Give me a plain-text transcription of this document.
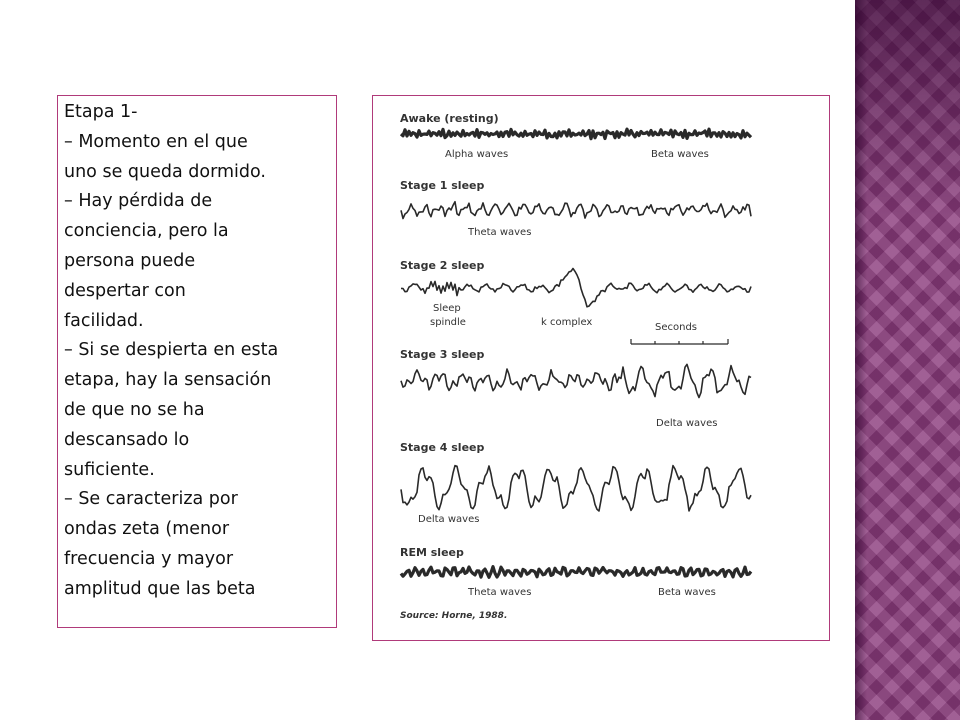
Etapa 1-
– Momento en el que
uno se queda dormido.
– Hay pérdida de
conciencia, pero la
persona puede
despertar con
facilidad.
– Si se despierta en esta
etapa, hay la sensación
de que no se ha
descansado lo
suficiente.
– Se caracteriza por
ondas zeta (menor
frecuencia y mayor
amplitud que las beta
Awake (resting)
Alpha waves	Beta waves
Stage 1 sleep
Theta waves
Stage 2 sleep
Sleep
spindle	k complex	Seconds
Stage 3 sleep
Delta waves
Stage 4 sleep
Delta waves
REM sleep
Theta waves	Beta waves
Source: Horne, 1988.
